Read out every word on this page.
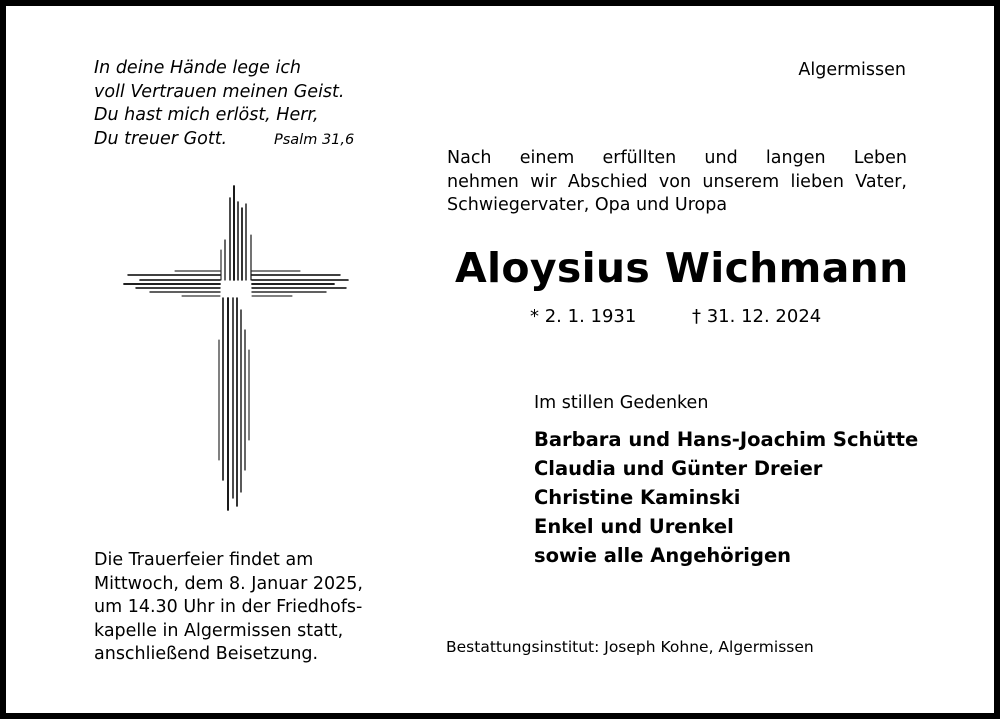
In deine Hände lege ich
voll Vertrauen meinen Geist.
Du hast mich erlöst, Herr,
Du treuer Gott.	Psalm 31,6
Algermissen
Nach einem erfüllten und langen Leben
nehmen wir Abschied von unserem lieben Vater,
Schwiegervater, Opa und Uropa
Aloysius Wichmann
* 2. 1. 1931	† 31. 12. 2024
Im stillen Gedenken
Barbara und Hans-Joachim Schütte
Claudia und Günter Dreier
Christine Kaminski
Enkel und Urenkel
sowie alle Angehörigen
Die Trauerfeier findet am
Mittwoch, dem 8. Januar 2025,
um 14.30 Uhr in der Friedhofs-
kapelle in Algermissen statt,
anschließend Beisetzung.	Bestattungsinstitut: Joseph Kohne, Algermissen
